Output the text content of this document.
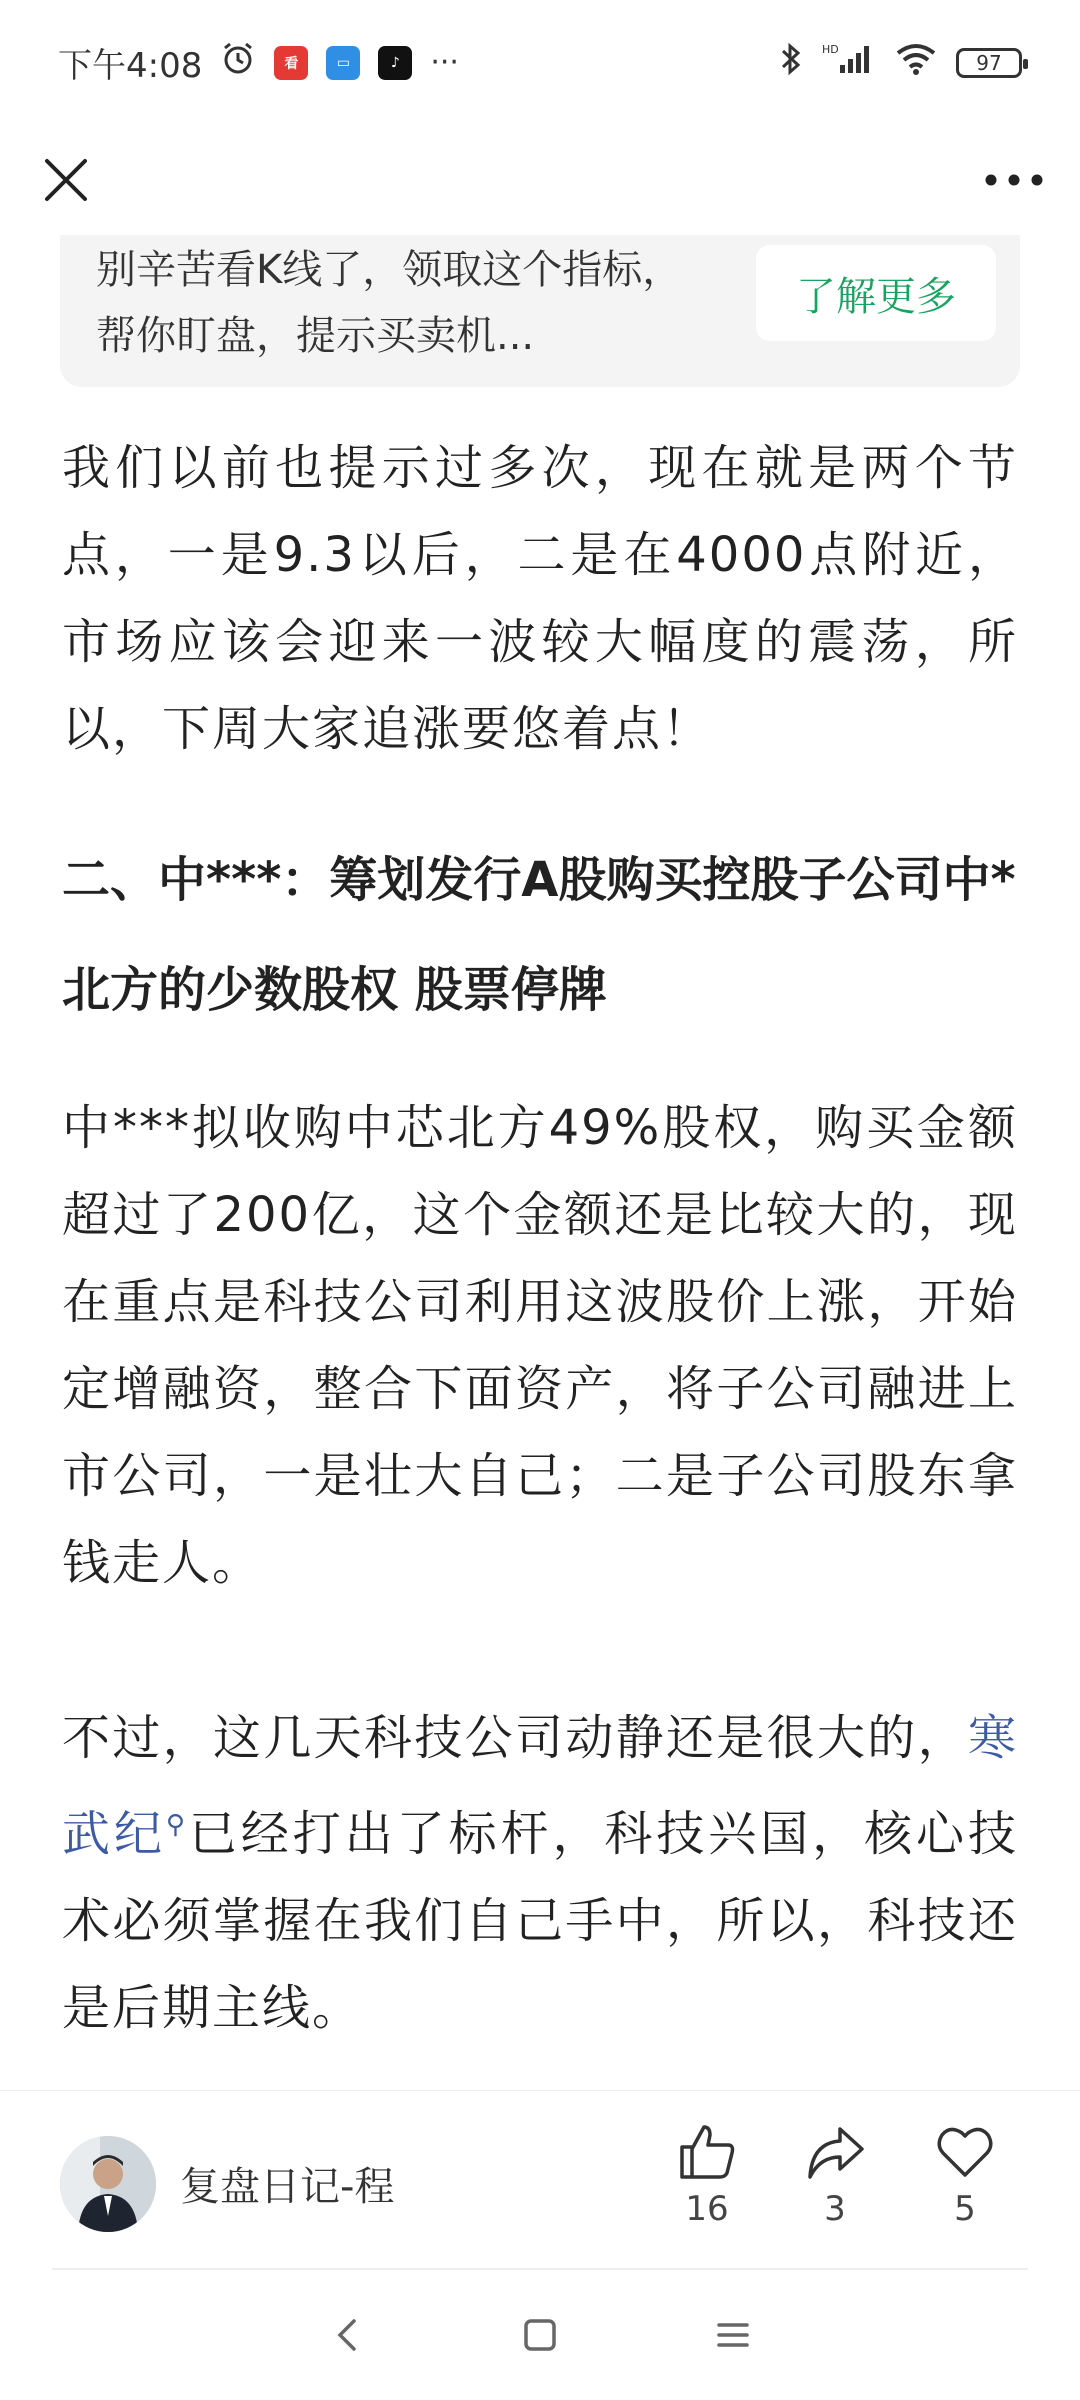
下午4:08	看	▭	♪	···	HD
97
别辛苦看K线了，领取这个指标，帮你盯盘，提示买卖机...
了解更多

我们以前也提示过多次，现在就是两个节点，一是9.3以后，二是在4000点附近，市场应该会迎来一波较大幅度的震荡，所以，下周大家追涨要悠着点！

二、中***：筹划发行A股购买控股子公司中*北方的少数股权 股票停牌

中***拟收购中芯北方49%股权，购买金额超过了200亿，这个金额还是比较大的，现在重点是科技公司利用这波股价上涨，开始定增融资，整合下面资产，将子公司融进上市公司，一是壮大自己；二是子公司股东拿钱走人。

不过，这几天科技公司动静还是很大的，寒武纪⚲已经打出了标杆，科技兴国，核心技术必须掌握在我们自己手中，所以，科技还是后期主线。

复盘日记-程	16	3	5
